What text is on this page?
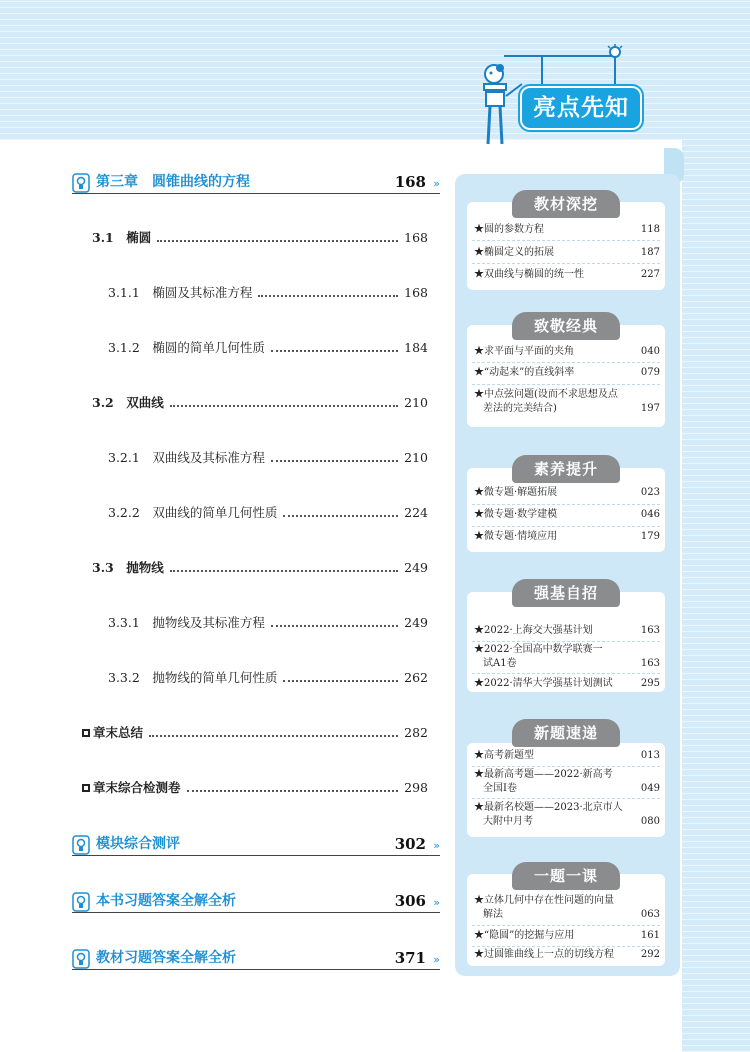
亮点先知
第三章　圆锥曲线的方程	168 »
模块综合测评	302 »
本书习题答案全解全析	306 »
教材习题答案全解全析	371 »
3.1　 椭圆	168
3.1.1　 椭圆及其标准方程	168
3.1.2　 椭圆的简单几何性质	184
3.2　 双曲线	210
3.2.1　 双曲线及其标准方程	210
3.2.2　 双曲线的简单几何性质	224
3.3　 抛物线	249
3.3.1　 抛物线及其标准方程	249
3.3.2　 抛物线的简单几何性质	262
章末总结	282
章末综合检测卷	298
教材深挖
★圆的参数方程	118
★椭圆定义的拓展	187
★双曲线与椭圆的统一性	227
致敬经典
★求平面与平面的夹角	040
★“动起来”的直线斜率	079
★中点弦问题(设而不求思想及点
差法的完美结合)	197
素养提升
★微专题·解题拓展	023
★微专题·数学建模	046
★微专题·情境应用	179
强基自招
★2022·上海交大强基计划	163
★2022·全国高中数学联赛一
试A1卷	163
★2022·清华大学强基计划测试	295
新题速递
★高考新题型	013
★最新高考题——2022·新高考
全国Ⅰ卷	049
★最新名校题——2023·北京市人
大附中月考	080
一题一课
★立体几何中存在性问题的向量
解法	063
★“隐圆”的挖掘与应用	161
★过圆锥曲线上一点的切线方程	292
